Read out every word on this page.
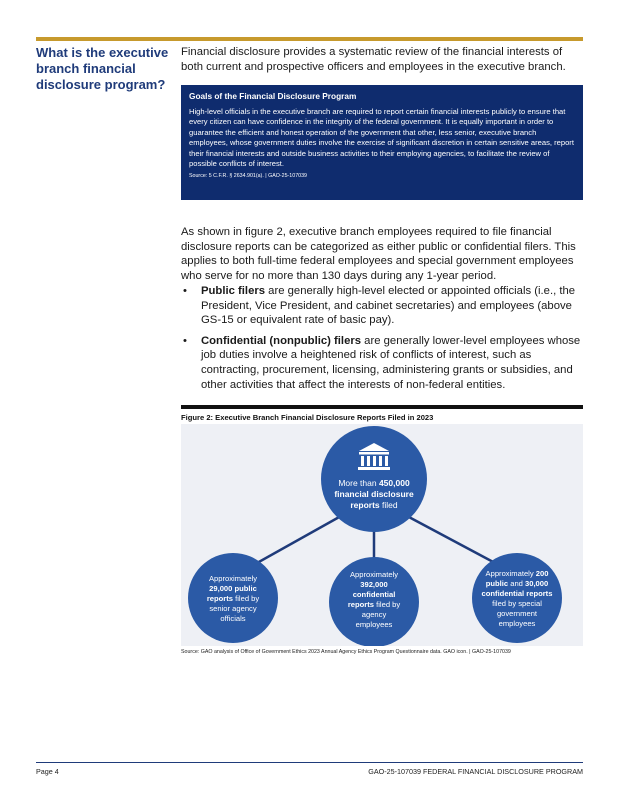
What is the executive branch financial disclosure program?

Financial disclosure provides a systematic review of the financial interests of both current and prospective officers and employees in the executive branch.

Goals of the Financial Disclosure Program

High-level officials in the executive branch are required to report certain financial interests publicly to ensure that every citizen can have confidence in the integrity of the federal government. It is equally important in order to guarantee the efficient and honest operation of the government that other, less senior, executive branch employees, whose government duties involve the exercise of significant discretion in certain sensitive areas, report their financial interests and outside business activities to their employing agencies, to facilitate the review of possible conflicts of interest.

Source: 5 C.F.R. § 2634.901(a). | GAO-25-107039

As shown in figure 2, executive branch employees required to file financial disclosure reports can be categorized as either public or confidential filers. This applies to both full-time federal employees and special government employees who serve for no more than 130 days during any 1-year period.

• Public filers are generally high-level elected or appointed officials (i.e., the President, Vice President, and cabinet secretaries) and employees (above GS-15 or equivalent rate of basic pay).
• Confidential (nonpublic) filers are generally lower-level employees whose job duties involve a heightened risk of conflicts of interest, such as contracting, procurement, licensing, administering grants or subsidies, and other activities that affect the interests of non-federal entities.

Figure 2: Executive Branch Financial Disclosure Reports Filed in 2023

More than 450,000
financial disclosure
reports filed
Approximately
29,000 public
reports filed by
senior agency
officials
Approximately
392,000
confidential
reports filed by
agency
employees
Approximately 200
public and 30,000
confidential reports
filed by special
government
employees

Source: GAO analysis of Office of Government Ethics 2023 Annual Agency Ethics Program Questionnaire data. GAO icon. | GAO-25-107039

Page 4	GAO-25-107039 FEDERAL FINANCIAL DISCLOSURE PROGRAM
